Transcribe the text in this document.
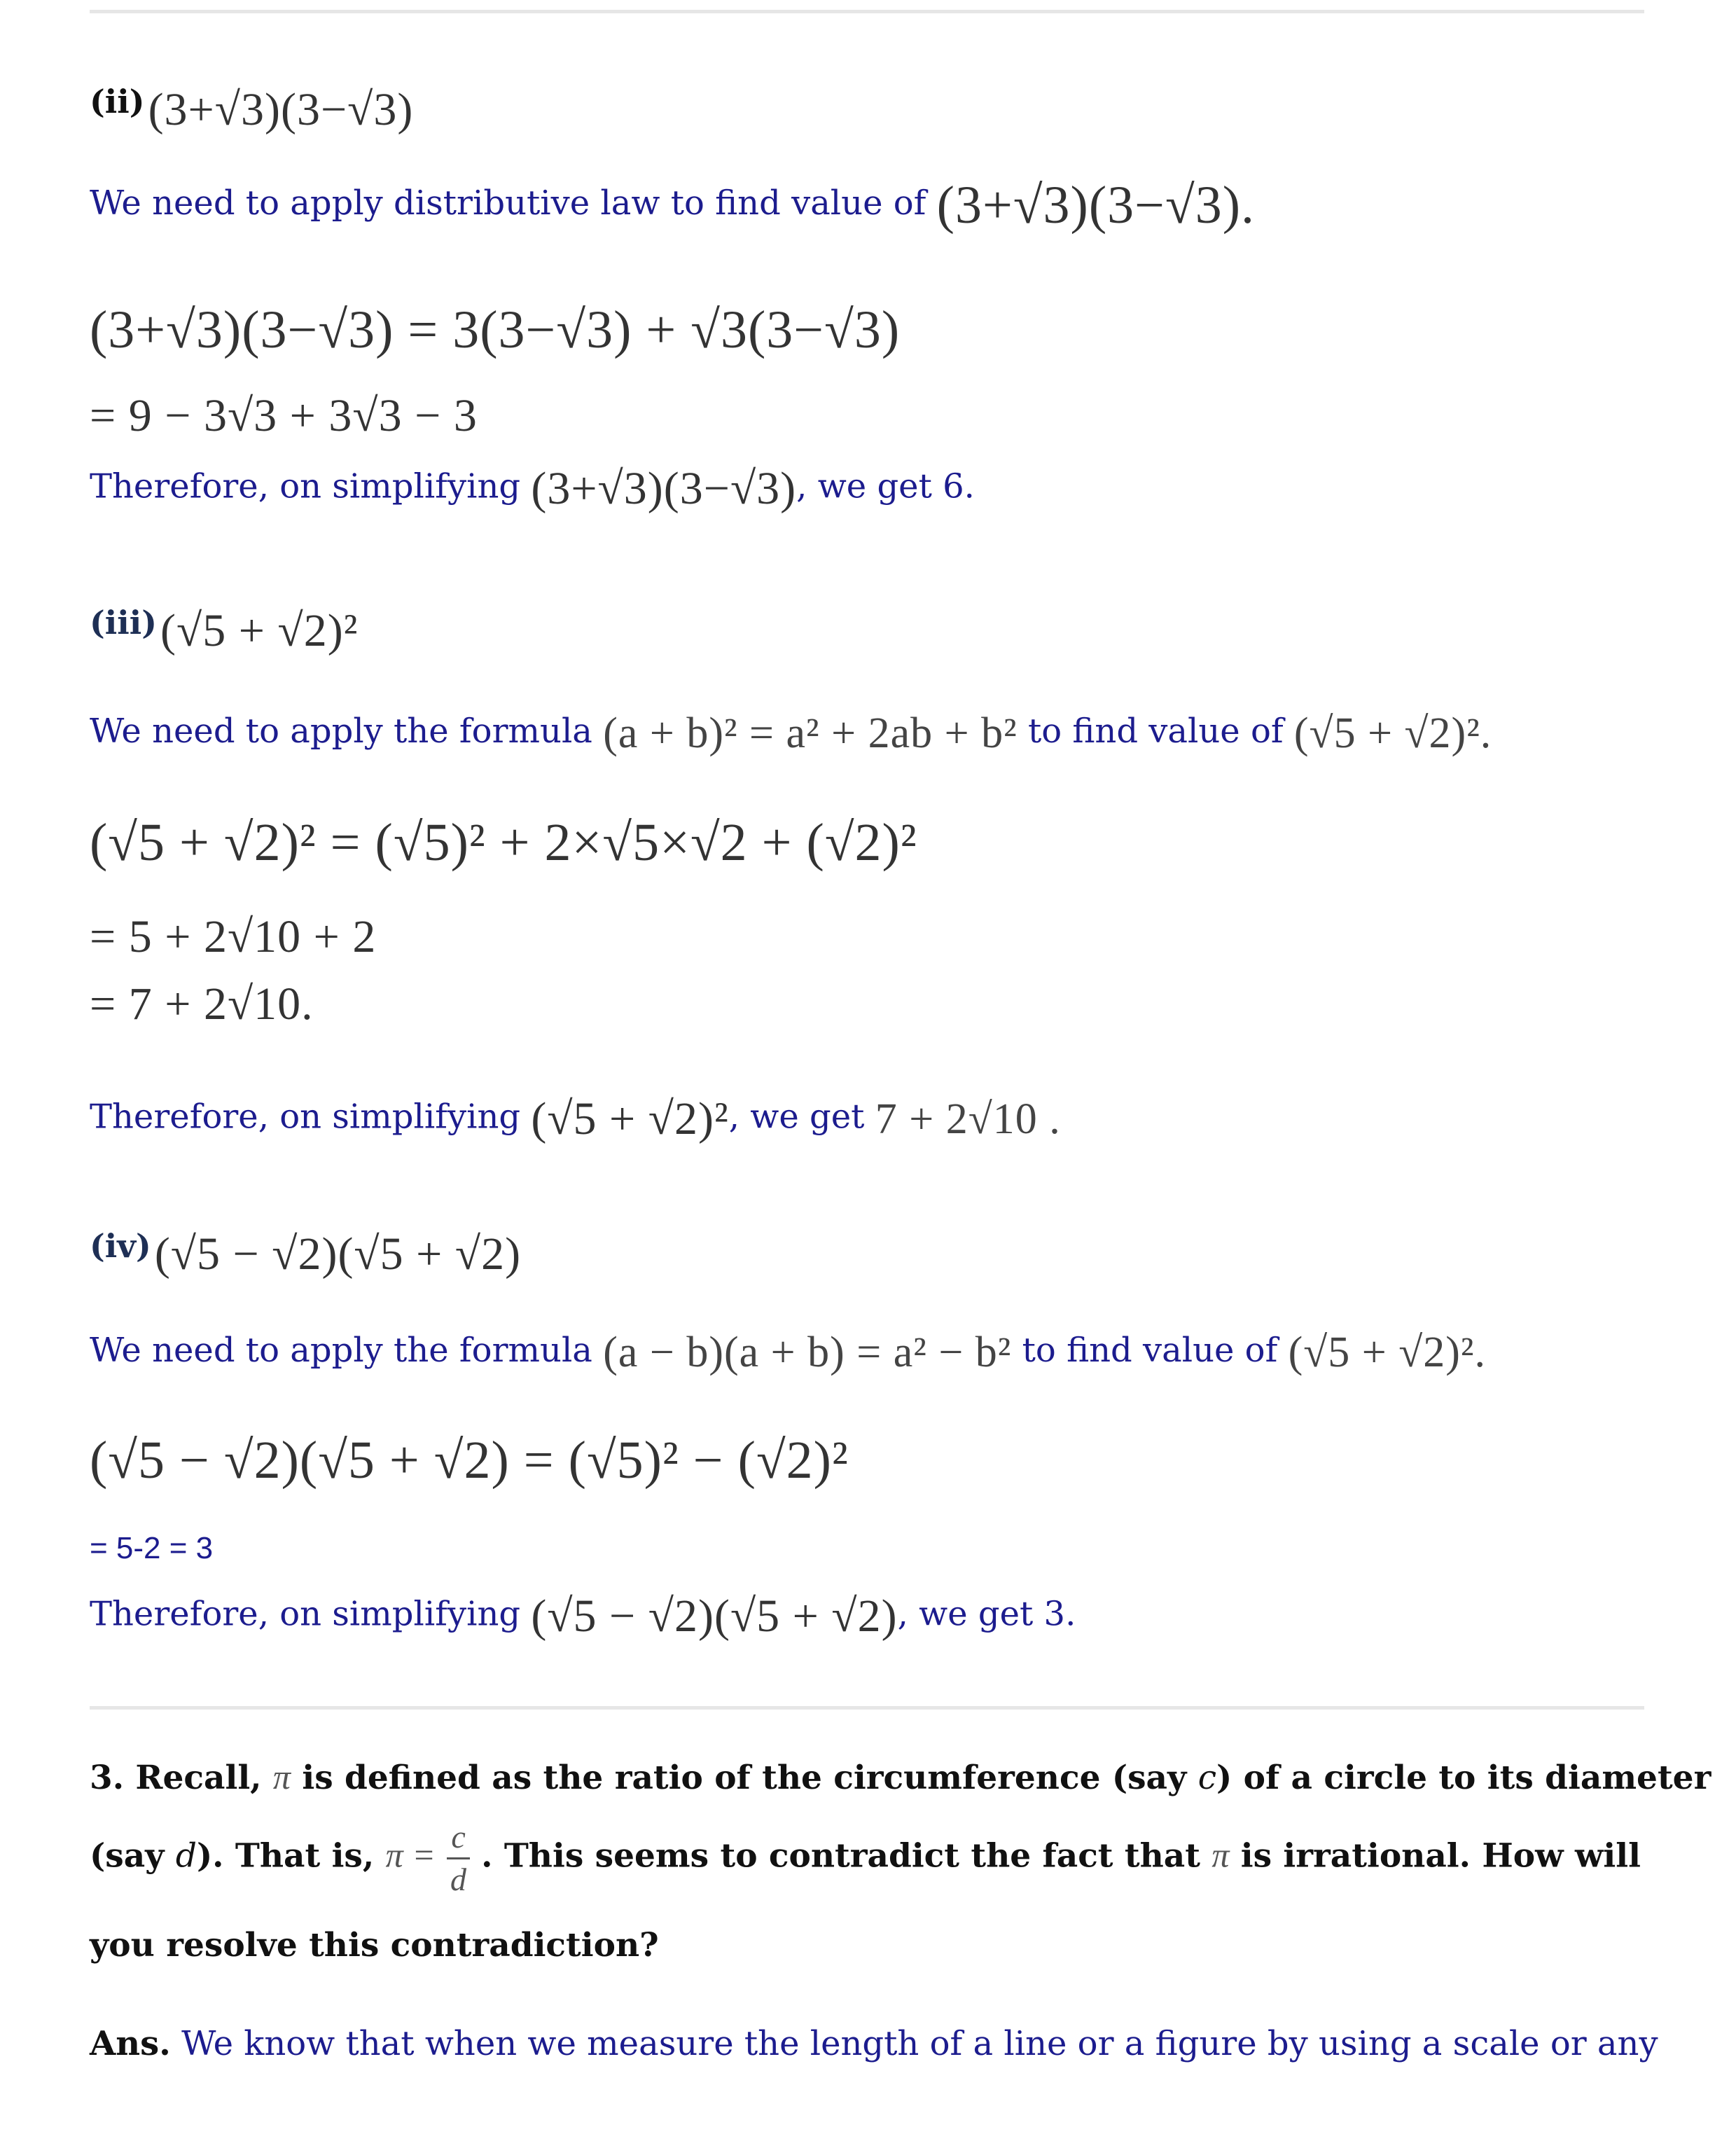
(ii) (3+√3)(3−√3)
We need to apply distributive law to find value of (3+√3)(3−√3).
(3+√3)(3−√3) = 3(3−√3) + √3(3−√3)
= 9 − 3√3 + 3√3 − 3
Therefore, on simplifying (3+√3)(3−√3), we get 6.
(iii) (√5 + √2)²
We need to apply the formula (a + b)² = a² + 2ab + b² to find value of (√5 + √2)².
(√5 + √2)² = (√5)² + 2×√5×√2 + (√2)²
= 5 + 2√10 + 2
= 7 + 2√10.
Therefore, on simplifying (√5 + √2)², we get 7 + 2√10 .
(iv) (√5 − √2)(√5 + √2)
We need to apply the formula (a − b)(a + b) = a² − b² to find value of (√5 + √2)².
(√5 − √2)(√5 + √2) = (√5)² − (√2)²
= 5-2 = 3
Therefore, on simplifying (√5 − √2)(√5 + √2), we get 3.
3. Recall, π is defined as the ratio of the circumference (say c) of a circle to its diameter
(say d). That is, $\pi = \frac{c}{d}$ . This seems to contradict the fact that π is irrational. How will
you resolve this contradiction?
Ans. We know that when we measure the length of a line or a figure by using a scale or any
